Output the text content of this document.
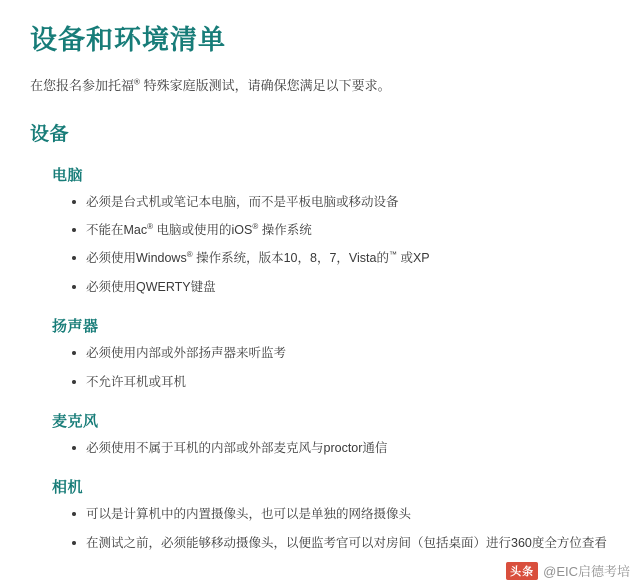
设备和环境清单

在您报名参加托福® 特殊家庭版测试，请确保您满足以下要求。

设备
电脑
必须是台式机或笔记本电脑，而不是平板电脑或移动设备
不能在Mac® 电脑或使用的iOS® 操作系统
必须使用Windows® 操作系统，版本10，8，7，Vista的™ 或XP
必须使用QWERTY键盘
扬声器
必须使用内部或外部扬声器来听监考
不允许耳机或耳机
麦克风
必须使用不属于耳机的内部或外部麦克风与proctor通信
相机
可以是计算机中的内置摄像头，也可以是单独的网络摄像头
在测试之前，必须能够移动摄像头，以便监考官可以对房间（包括桌面）进行360度全方位查看
头条 @EIC启德考培
